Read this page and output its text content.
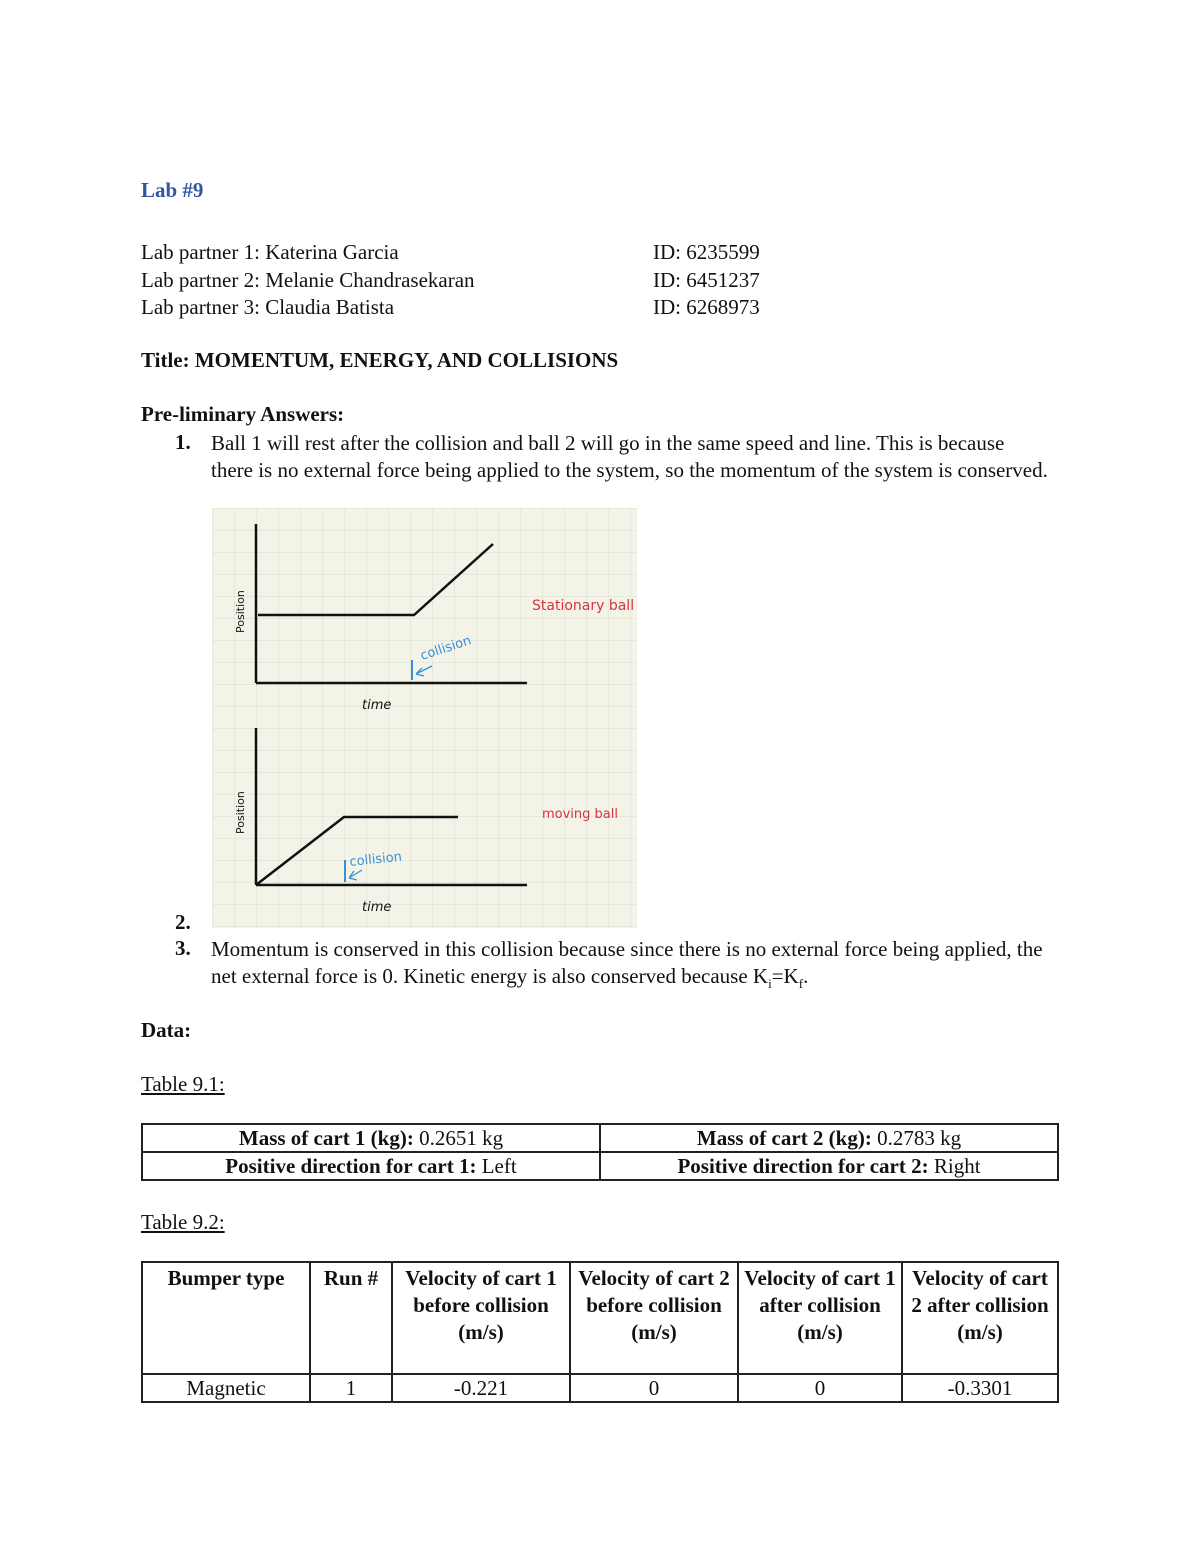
Lab #9
Lab partner 1: Katerina Garcia	ID: 6235599
Lab partner 2: Melanie Chandrasekaran	ID: 6451237
Lab partner 3: Claudia Batista	ID: 6268973
Title: MOMENTUM, ENERGY, AND COLLISIONS
Pre-liminary Answers:
1. Ball 1 will rest after the collision and ball 2 will go in the same speed and line. This is because there is no external force being applied to the system, so the momentum of the system is conserved.
collision
Position
time
Stationary ball
collision
Position
time
moving ball
2.
3. Momentum is conserved in this collision because since there is no external force being applied, the net external force is 0. Kinetic energy is also conserved because $K_i=K_f$.
Data:
Table 9.1:
Mass of cart 1 (kg): 0.2651 kg	Mass of cart 2 (kg): 0.2783 kg
Positive direction for cart 1: Left	Positive direction for cart 2: Right
Table 9.2:
Bumper type	Run #	Velocity of cart 1 before collision (m/s)	Velocity of cart 2 before collision (m/s)	Velocity of cart 1 after collision (m/s)	Velocity of cart 2 after collision (m/s)
Magnetic	1	-0.221	0	0	-0.3301
